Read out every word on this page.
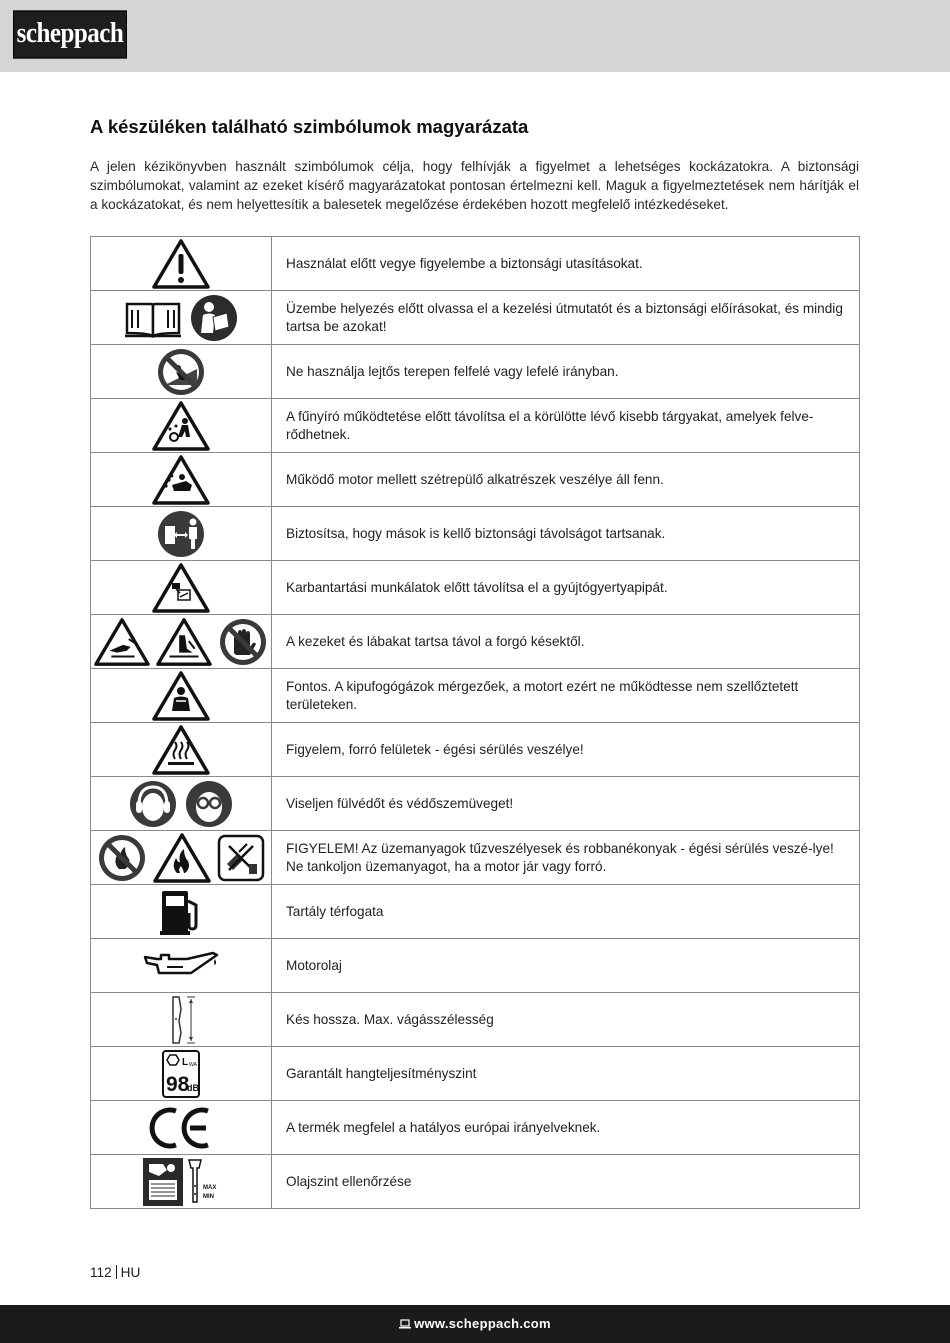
scheppach
A készüléken található szimbólumok magyarázata

A jelen kézikönyvben használt szimbólumok célja, hogy felhívják a figyelmet a lehetséges kockázatokra. A biztonsági szimbólumokat, valamint az ezeket kísérő magyarázatokat pontosan értelmezni kell. Maguk a figyelmeztetések nem hárítják el a kockázatokat, és nem helyettesítik a balesetek megelőzése érdekében hozott megfelelő intézkedéseket.

	Használat előtt vegye figyelembe a biztonsági utasításokat.
	Üzembe helyezés előtt olvassa el a kezelési útmutatót és a biztonsági előírásokat, és mindig tartsa be azokat!
	Ne használja lejtős terepen felfelé vagy lefelé irányban.
	A fűnyíró működtetése előtt távolítsa el a körülötte lévő kisebb tárgyakat, amelyek felve-rődhetnek.
	Működő motor mellett szétrepülő alkatrészek veszélye áll fenn.
	Biztosítsa, hogy mások is kellő biztonsági távolságot tartsanak.
	Karbantartási munkálatok előtt távolítsa el a gyújtógyertyapipát.
	A kezeket és lábakat tartsa távol a forgó késektől.
	Fontos. A kipufogógázok mérgezőek, a motort ezért ne működtesse nem szellőztetett területeken.
	Figyelem, forró felületek - égési sérülés veszélye!
	Viseljen fülvédőt és védőszemüveget!
	FIGYELEM! Az üzemanyagok tűzveszélyesek és robbanékonyak - égési sérülés veszé-lye!
Ne tankoljon üzemanyagot, ha a motor jár vagy forró.
	Tartály térfogata
	Motorolaj
	Kés hossza. Max. vágásszélesség

L WA
98
dB	Garantált hangteljesítményszint
	A termék megfelel a hatályos európai irányelveknek.

MAX
MIN	Olajszint ellenőrzése
112 HU
www.scheppach.com
